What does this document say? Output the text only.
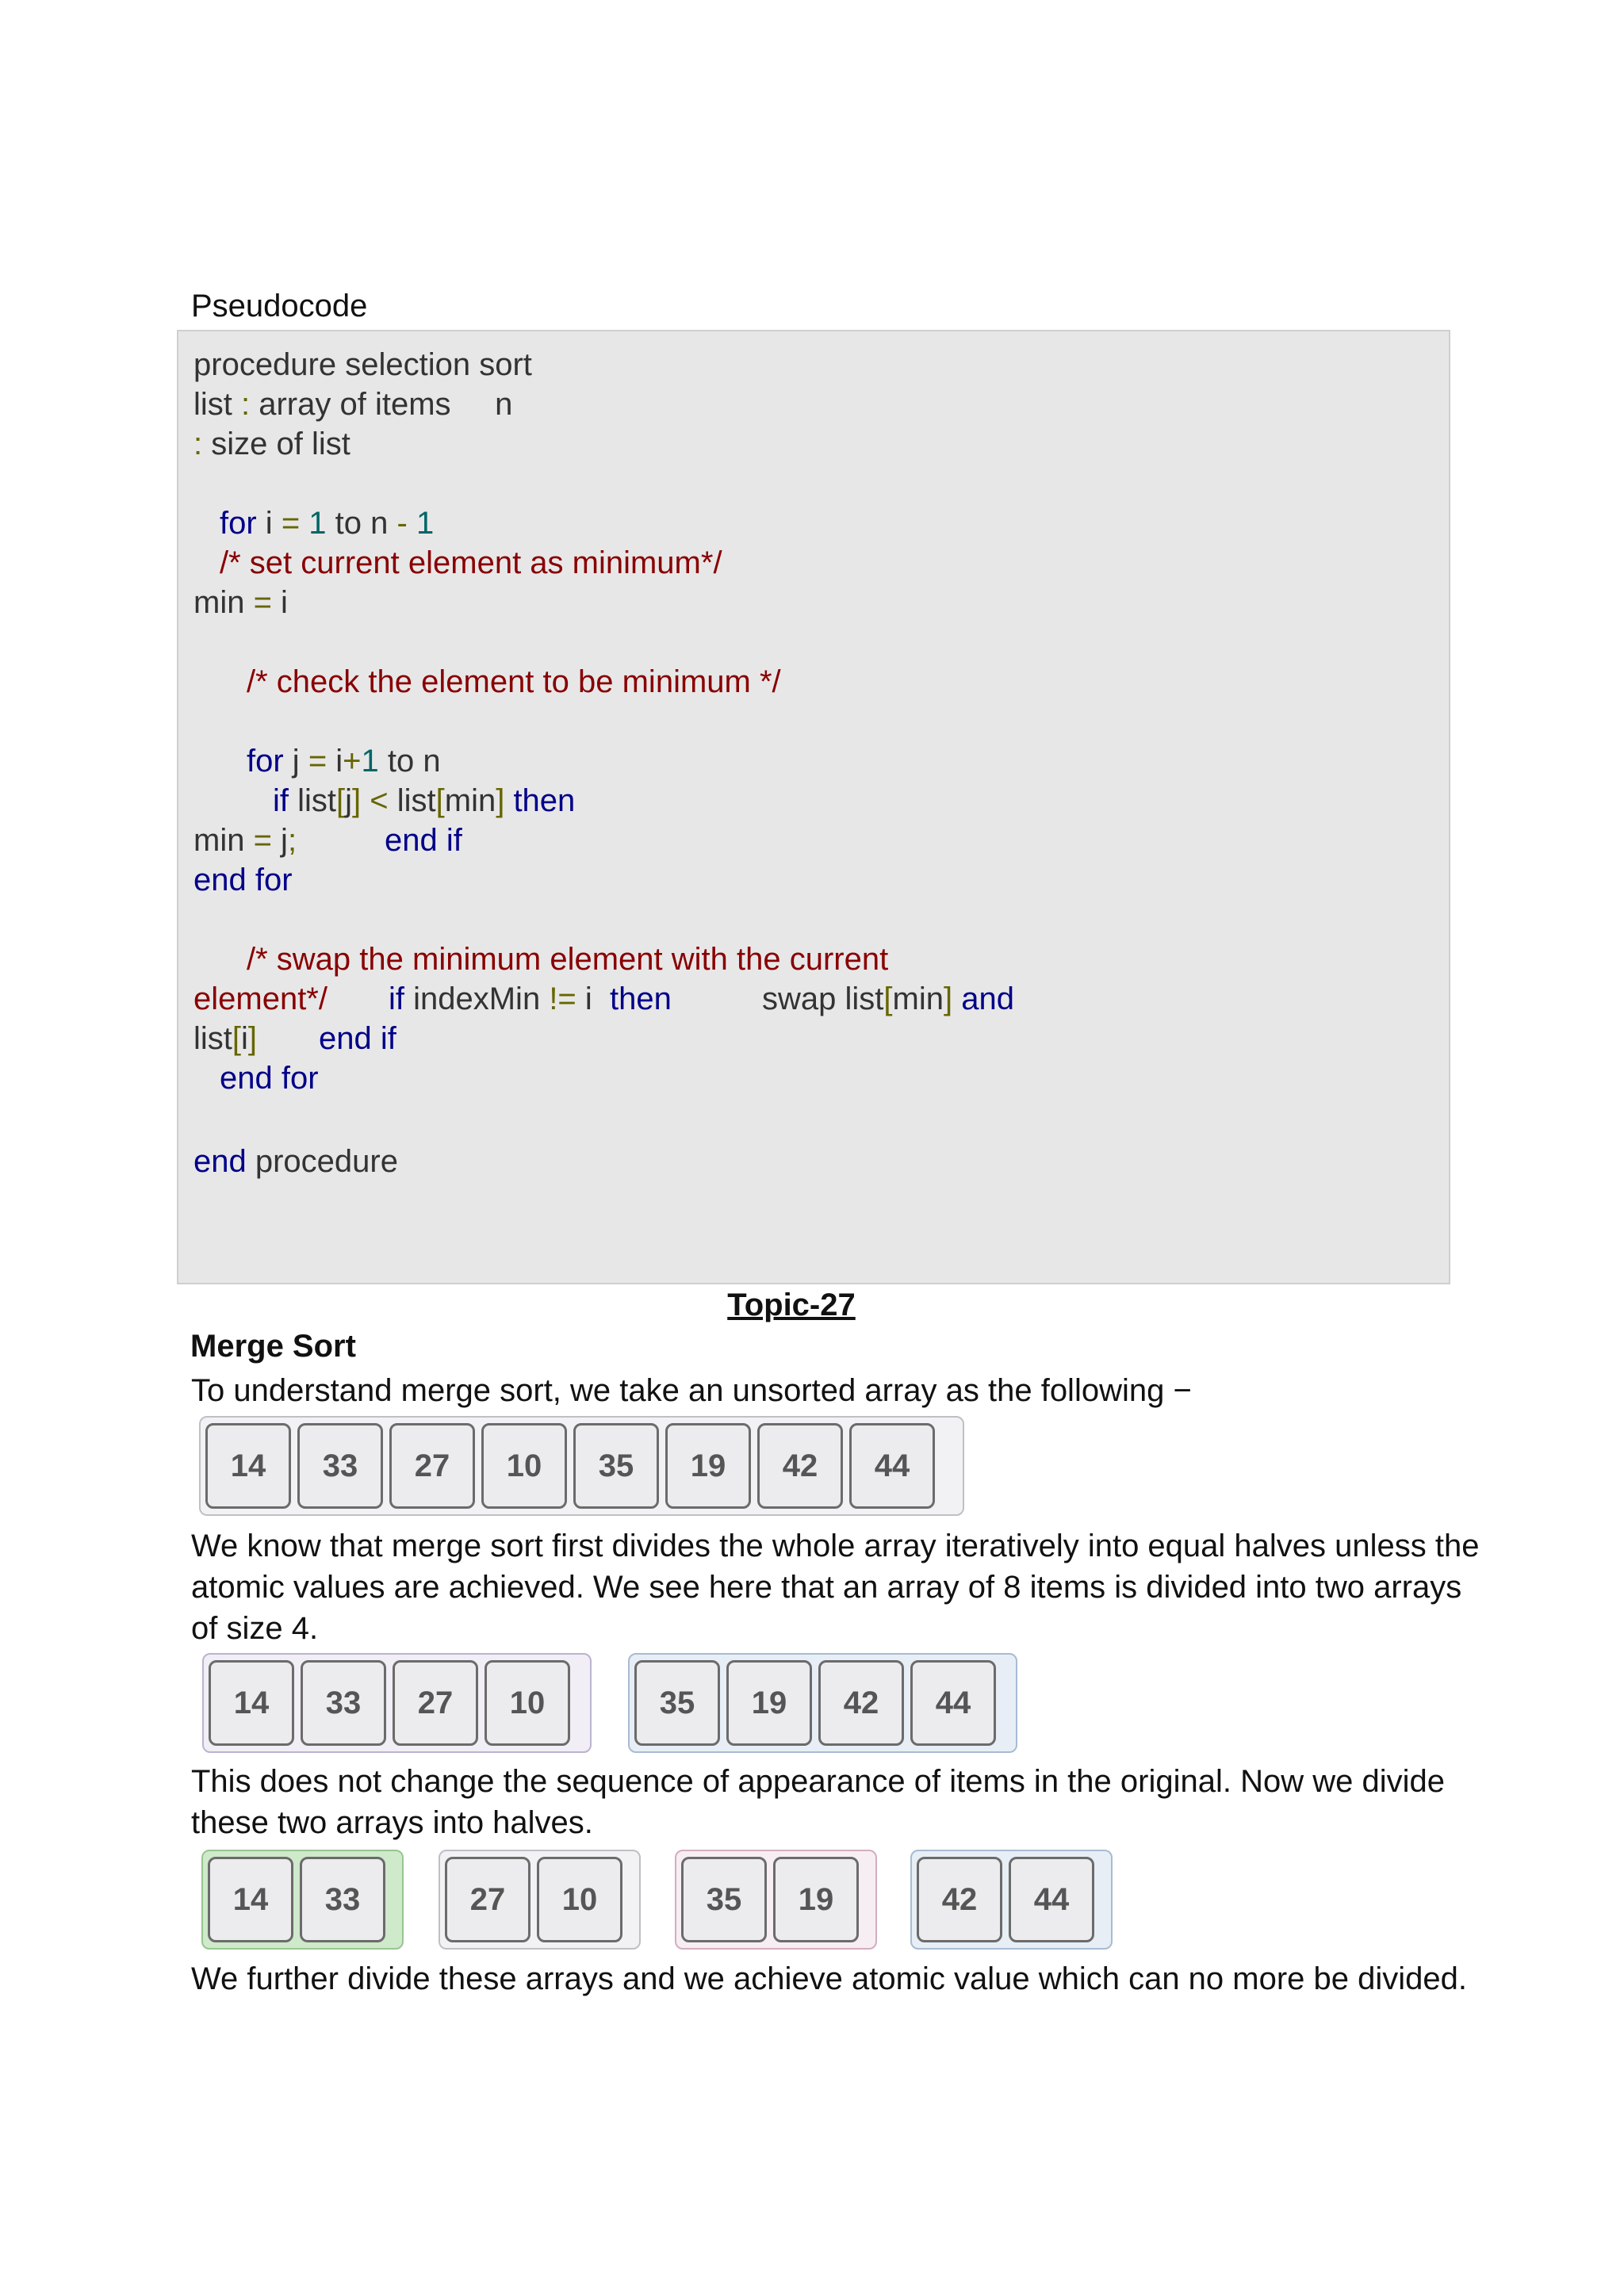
Pseudocode
procedure selection sort
list : array of items     n
: size of list
for i = 1 to n - 1
/* set current element as minimum*/
min = i
/* check the element to be minimum */
for j = i+1 to n
if list[j] < list[min] then
min = j;	end if
end for
/* swap the minimum element with the current
element*/ if indexMin != i  then	swap list[min] and
list[i] end if
end for
end procedure
Topic-27
Merge Sort
To understand merge sort, we take an unsorted array as the following −
14	33	27	10	35	19	42	44
We know that merge sort first divides the whole array iteratively into equal halves unless the atomic values are achieved. We see here that an array of 8 items is divided into two arrays of size 4.
14	33	27	10	35	19	42	44
This does not change the sequence of appearance of items in the original. Now we divide these two arrays into halves.
14	33	27	10	35	19	42	44
We further divide these arrays and we achieve atomic value which can no more be divided.
